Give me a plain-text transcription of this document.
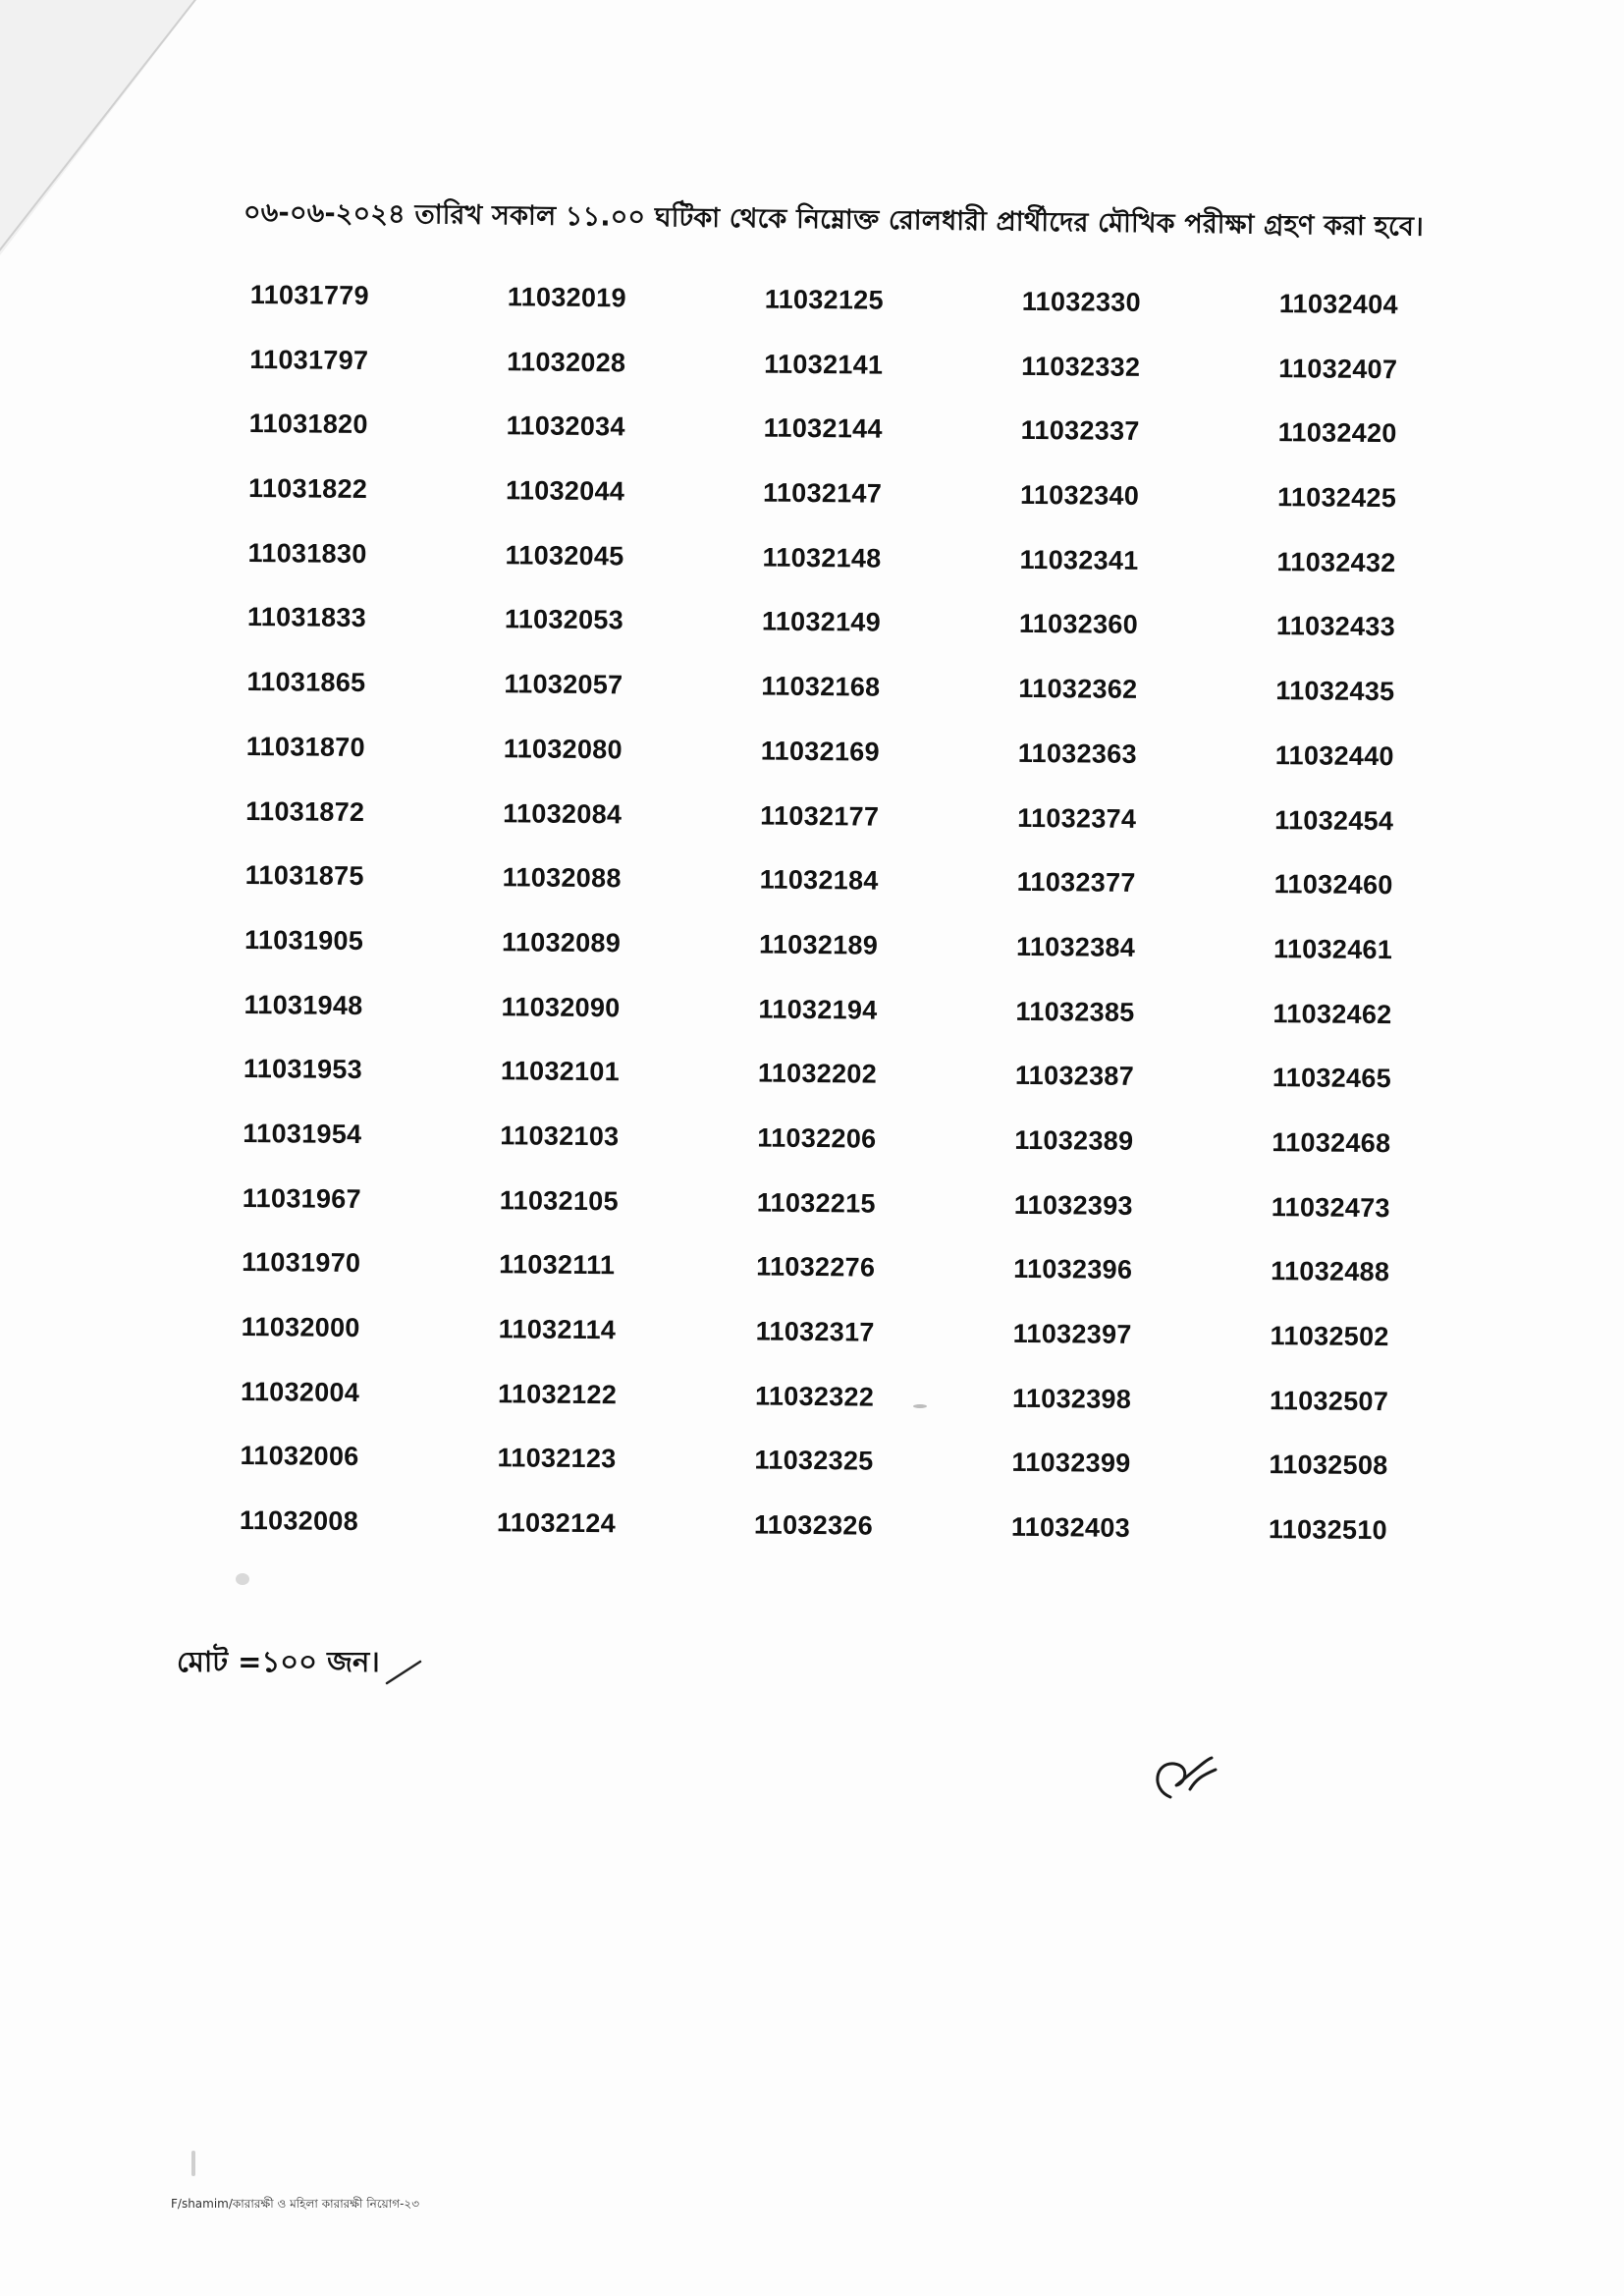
০৬-০৬-২০২৪ তারিখ সকাল ১১.০০ ঘটিকা থেকে নিম্নোক্ত রোলধারী প্রার্থীদের মৌখিক পরীক্ষা গ্রহণ করা হবে।
11031779
11031797
11031820
11031822
11031830
11031833
11031865
11031870
11031872
11031875
11031905
11031948
11031953
11031954
11031967
11031970
11032000
11032004
11032006
11032008
11032019
11032028
11032034
11032044
11032045
11032053
11032057
11032080
11032084
11032088
11032089
11032090
11032101
11032103
11032105
11032111
11032114
11032122
11032123
11032124
11032125
11032141
11032144
11032147
11032148
11032149
11032168
11032169
11032177
11032184
11032189
11032194
11032202
11032206
11032215
11032276
11032317
11032322
11032325
11032326
11032330
11032332
11032337
11032340
11032341
11032360
11032362
11032363
11032374
11032377
11032384
11032385
11032387
11032389
11032393
11032396
11032397
11032398
11032399
11032403
11032404
11032407
11032420
11032425
11032432
11032433
11032435
11032440
11032454
11032460
11032461
11032462
11032465
11032468
11032473
11032488
11032502
11032507
11032508
11032510
মোট =১০০ জন।
F/shamim/কারারক্ষী ও মহিলা কারারক্ষী নিয়োগ-২৩
